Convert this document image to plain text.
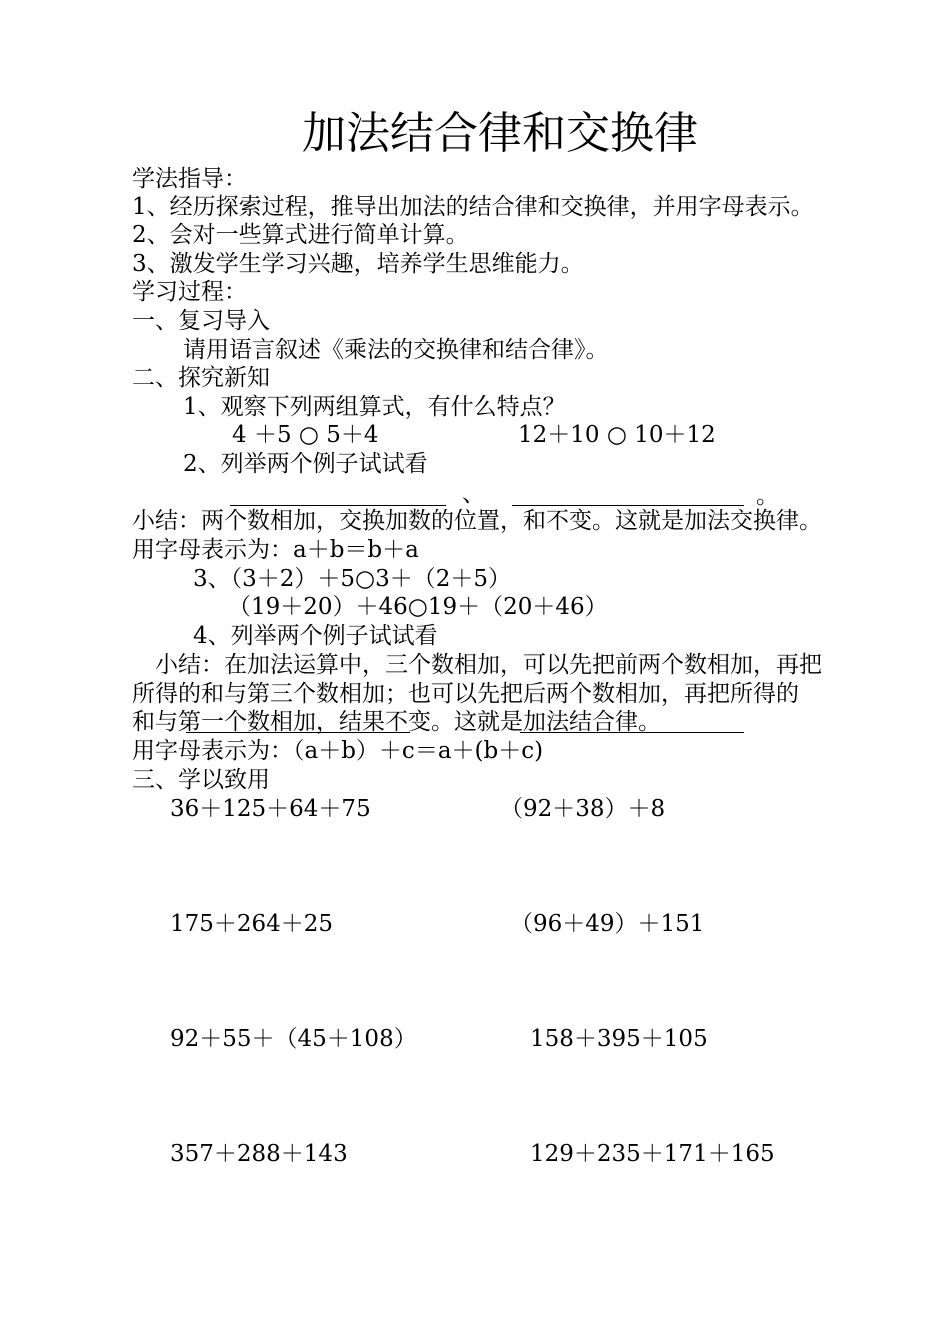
加法结合律和交换律
学法指导：
1、经历探索过程，推导出加法的结合律和交换律，并用字母表示。
2、会对一些算式进行简单计算。
3、激发学生学习兴趣，培养学生思维能力。
学习过程：
一、复习导入
请用语言叙述《乘法的交换律和结合律》。
二、探究新知
1、观察下列两组算式，有什么特点？
4 ＋5 ○ 5＋4	12＋10 ○ 10＋12
2、列举两个例子试试看
、	。
小结：两个数相加，交换加数的位置，和不变。这就是加法交换律。
用字母表示为：a＋b＝b＋a
3、（3＋2）＋5○3＋（2＋5）
（19＋20）＋46○19＋（20＋46）
4、列举两个例子试试看
小结：在加法运算中，三个数相加，可以先把前两个数相加，再把
所得的和与第三个数相加；也可以先把后两个数相加，再把所得的
和与第一个数相加，结果不变。这就是加法结合律。
用字母表示为：（a＋b）＋c＝a＋(b＋c)
三、学以致用
36＋125＋64＋75	（92＋38）＋8
175＋264＋25	（96＋49）＋151
92＋55＋（45＋108）	158＋395＋105
357＋288＋143	129＋235＋171＋165
